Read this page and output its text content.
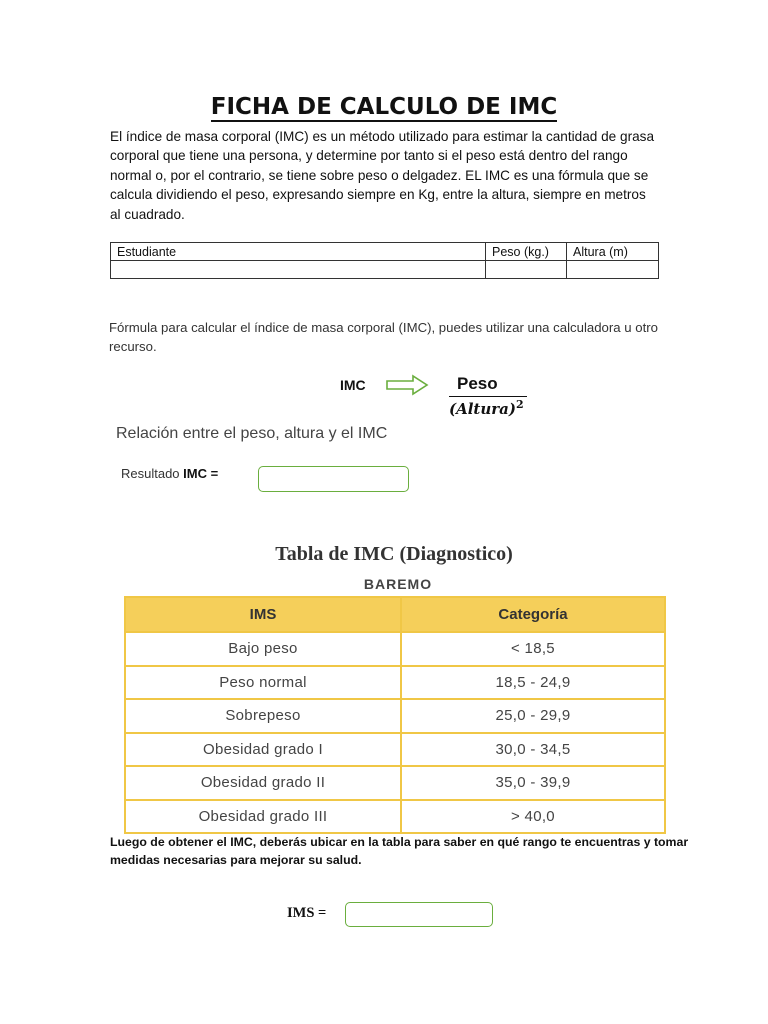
FICHA DE CALCULO DE IMC
El índice de masa corporal (IMC) es un método utilizado para estimar la cantidad de grasa
corporal que tiene una persona, y determine por tanto si el peso está dentro del rango
normal o, por el contrario, se tiene sobre peso o delgadez. EL IMC es una fórmula que se
calcula dividiendo el peso, expresando siempre en Kg, entre la altura, siempre en metros
al cuadrado.
Estudiante	Peso (kg.)	Altura (m)

Fórmula para calcular el índice de masa corporal (IMC), puedes utilizar una calculadora u otro
recurso.
IMC	Peso
(Altura)$^2$
Relación entre el peso, altura y el IMC
Resultado IMC =
Tabla de IMC (Diagnostico)
BAREMO
IMS	Categoría
Bajo peso	< 18,5
Peso normal	18,5 - 24,9
Sobrepeso	25,0 - 29,9
Obesidad grado I	30,0 - 34,5
Obesidad grado II	35,0 - 39,9
Obesidad grado III	> 40,0
Luego de obtener el IMC, deberás ubicar en la tabla para saber en qué rango te encuentras y tomar
medidas necesarias para mejorar su salud.
IMS =
